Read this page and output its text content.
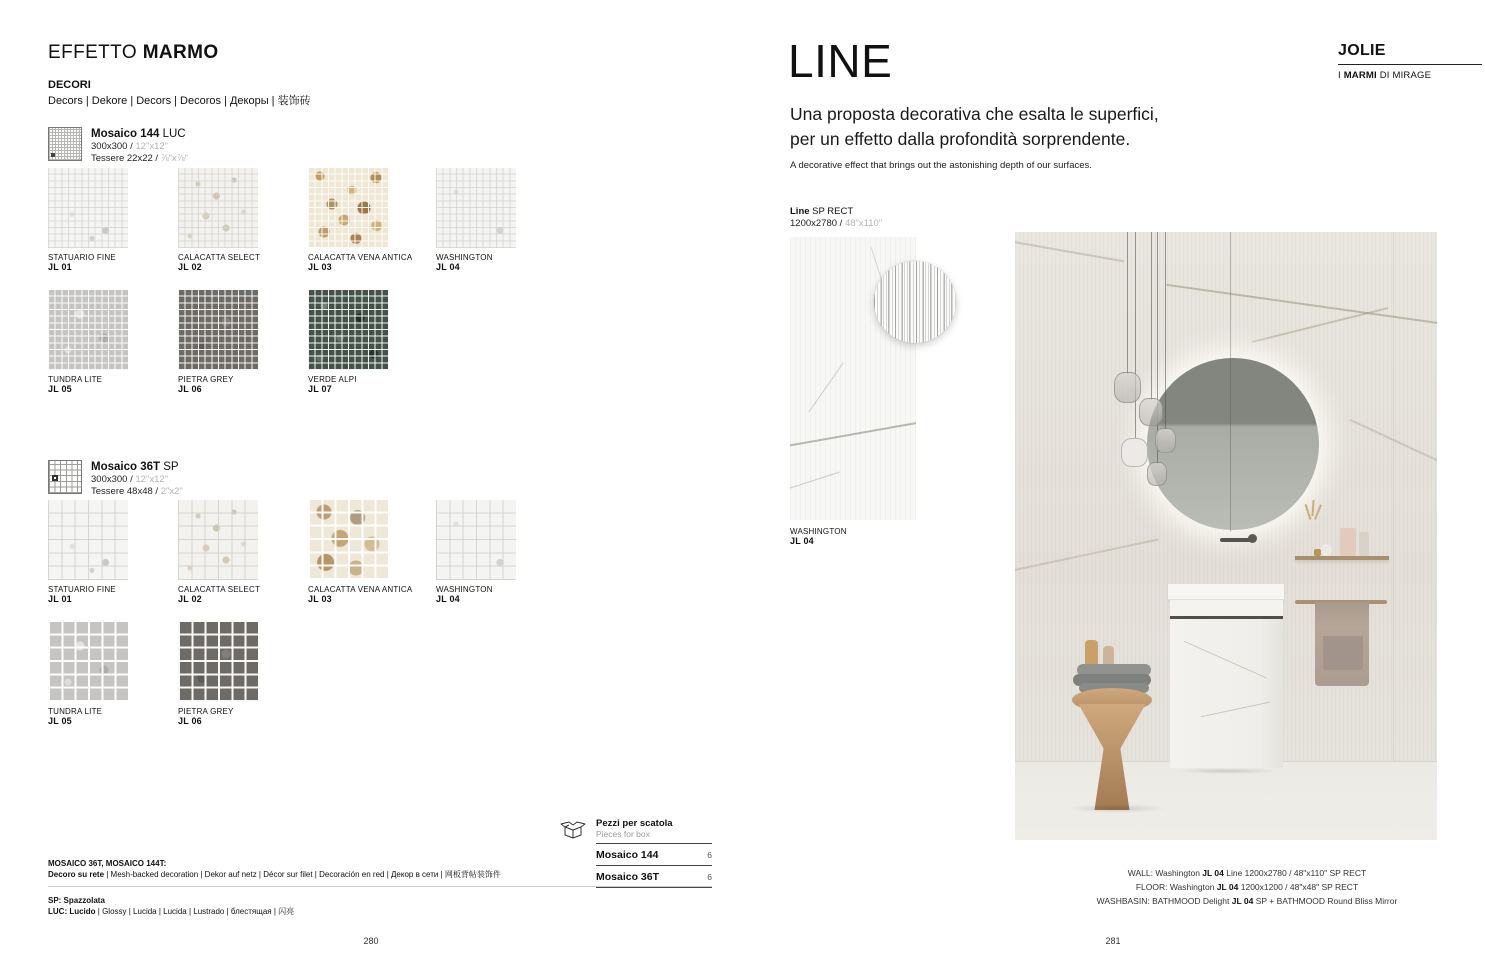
EFFETTO MARMO
DECORI
Decors | Dekore | Decors | Decoros | Декоры | 装饰砖
Mosaico 144 LUC
300x300 / 12"x12"
Tessere 22x22 / ⅞"x⅞"
STATUARIO FINE
JL 01
CALACATTA SELECT
JL 02
CALACATTA VENA ANTICA
JL 03
WASHINGTON
JL 04
TUNDRA LITE
JL 05
PIETRA GREY
JL 06
VERDE ALPI
JL 07
Mosaico 36T SP
300x300 / 12"x12"
Tessere 48x48 / 2"x2"
STATUARIO FINE
JL 01
CALACATTA SELECT
JL 02
CALACATTA VENA ANTICA
JL 03
WASHINGTON
JL 04
TUNDRA LITE
JL 05
PIETRA GREY
JL 06
Pezzi per scatola
Pieces for box
Mosaico 144	6
Mosaico 36T	6
MOSAICO 36T, MOSAICO 144T:
Decoro su rete | Mesh-backed decoration | Dekor auf netz | Décor sur filet | Decoración en red | Декор в сети | 网板背帖装饰件
SP: Spazzolata
LUC: Lucido | Glossy | Lucida | Lucida | Lustrado | блестящая | 闪亮
280
LINE	JOLIE
I MARMI DI MIRAGE
Una proposta decorativa che esalta le superfici,
per un effetto dalla profondità sorprendente.
A decorative effect that brings out the astonishing depth of our surfaces.
Line SP RECT
1200x2780 / 48"x110"
WASHINGTON
JL 04
WALL: Washington JL 04 Line 1200x2780 / 48"x110" SP RECT
FLOOR: Washington JL 04 1200x1200 / 48"x48" SP RECT
WASHBASIN: BATHMOOD Delight JL 04 SP + BATHMOOD Round Bliss Mirror
281
